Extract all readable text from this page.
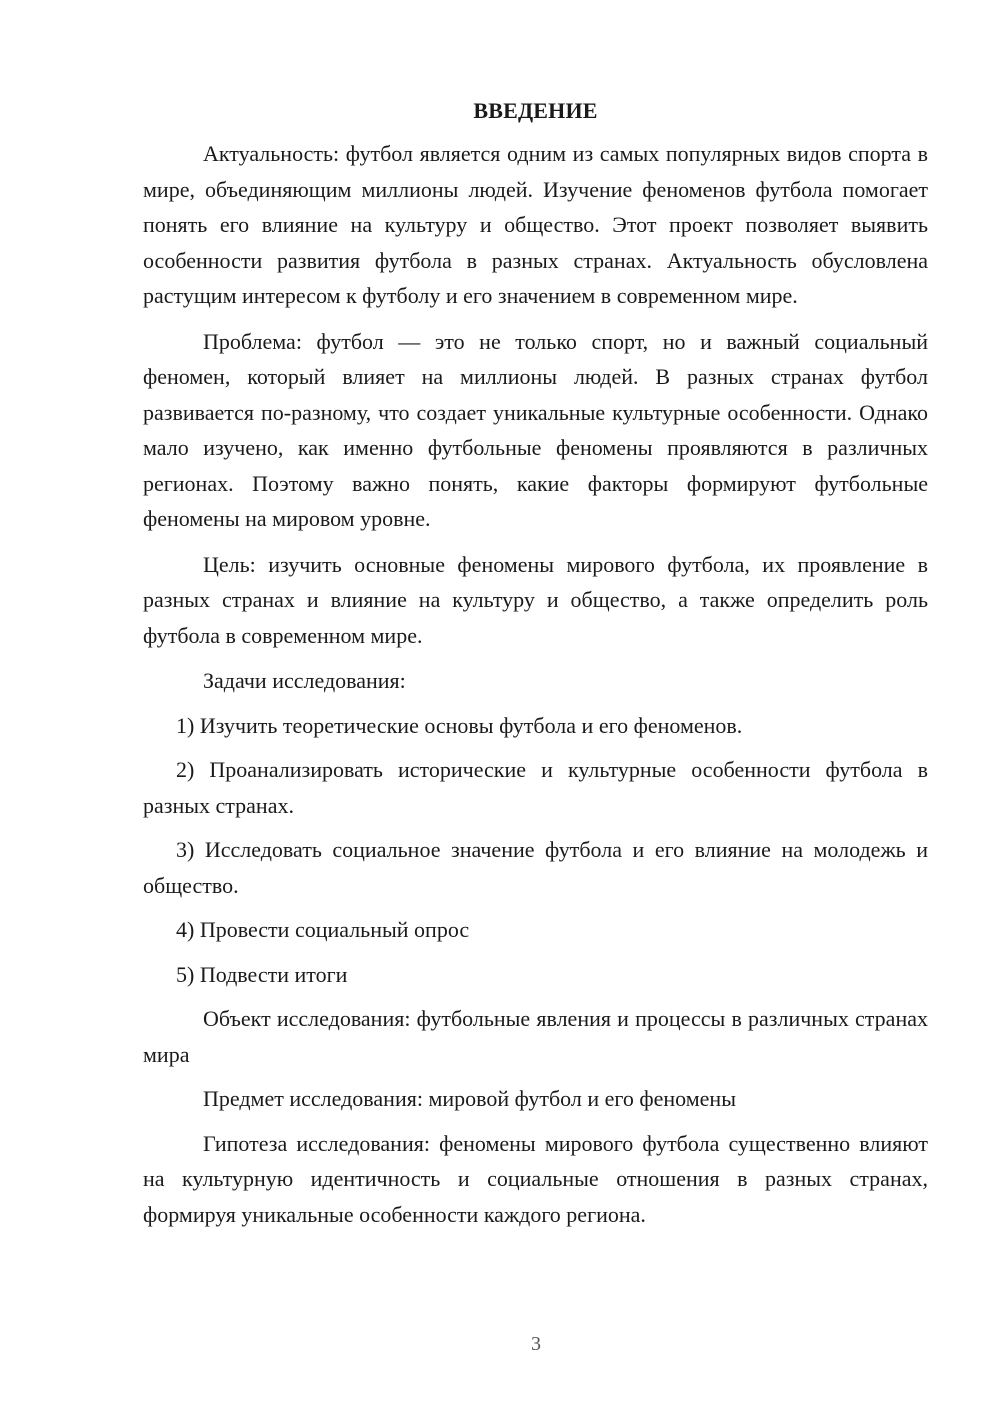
ВВЕДЕНИЕ

Актуальность: футбол является одним из самых популярных видов спорта в мире, объединяющим миллионы людей. Изучение феноменов футбола помогает понять его влияние на культуру и общество. Этот проект позволяет выявить особенности развития футбола в разных странах. Актуальность обусловлена растущим интересом к футболу и его значением в современном мире.

Проблема: футбол — это не только спорт, но и важный социальный феномен, который влияет на миллионы людей. В разных странах футбол развивается по-разному, что создает уникальные культурные особенности. Однако мало изучено, как именно футбольные феномены проявляются в различных регионах. Поэтому важно понять, какие факторы формируют футбольные феномены на мировом уровне.

Цель: изучить основные феномены мирового футбола, их проявление в разных странах и влияние на культуру и общество, а также определить роль футбола в современном мире.

Задачи исследования:

1) Изучить теоретические основы футбола и его феноменов.

2) Проанализировать исторические и культурные особенности футбола в разных странах.

3) Исследовать социальное значение футбола и его влияние на молодежь и общество.

4) Провести социальный опрос

5) Подвести итоги

Объект исследования: футбольные явления и процессы в различных странах мира

Предмет исследования: мировой футбол и его феномены

Гипотеза исследования: феномены мирового футбола существенно влияют на культурную идентичность и социальные отношения в разных странах, формируя уникальные особенности каждого региона.

3
